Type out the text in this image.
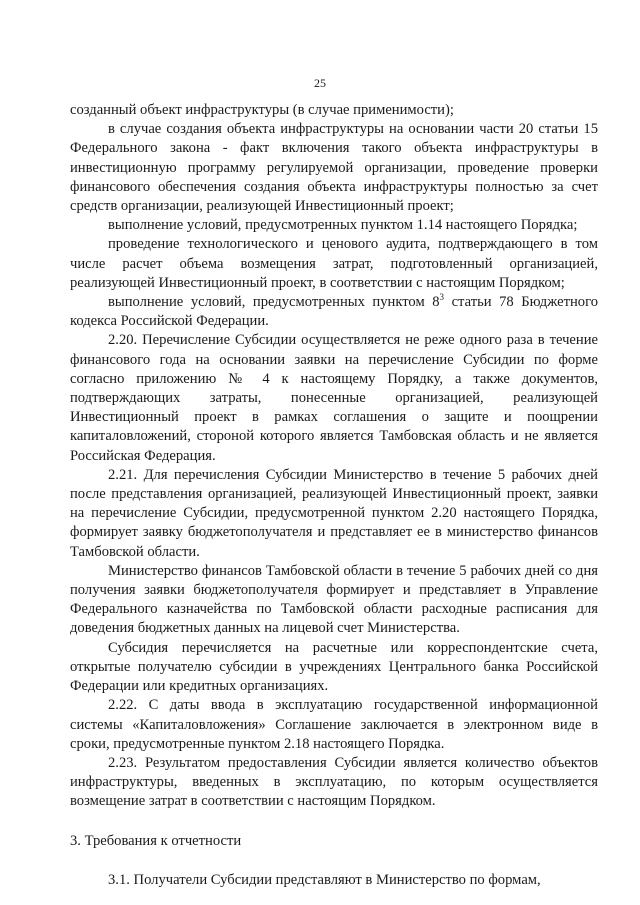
25

созданный объект инфраструктуры (в случае применимости);

в случае создания объекта инфраструктуры на основании части 20 статьи 15 Федерального закона - факт включения такого объекта инфраструктуры в инвестиционную программу регулируемой организации, проведение проверки финансового обеспечения создания объекта инфраструктуры полностью за счет средств организации, реализующей Инвестиционный проект;

выполнение условий, предусмотренных пунктом 1.14 настоящего Порядка;

проведение технологического и ценового аудита, подтверждающего в том числе расчет объема возмещения затрат, подготовленный организацией, реализующей Инвестиционный проект, в соответствии с настоящим Порядком;

выполнение условий, предусмотренных пунктом $8^3$ статьи 78 Бюджетного кодекса Российской Федерации.

2.20. Перечисление Субсидии осуществляется не реже одного раза в течение финансового года на основании заявки на перечисление Субсидии по форме согласно приложению № 4 к настоящему Порядку, а также документов, подтверждающих затраты, понесенные организацией, реализующей Инвестиционный проект в рамках соглашения о защите и поощрении капиталовложений, стороной которого является Тамбовская область и не является Российская Федерация.

2.21. Для перечисления Субсидии Министерство в течение 5 рабочих дней после представления организацией, реализующей Инвестиционный проект, заявки на перечисление Субсидии, предусмотренной пунктом 2.20 настоящего Порядка, формирует заявку бюджетополучателя и представляет ее в министерство финансов Тамбовской области.

Министерство финансов Тамбовской области в течение 5 рабочих дней со дня получения заявки бюджетополучателя формирует и представляет в Управление Федерального казначейства по Тамбовской области расходные расписания для доведения бюджетных данных на лицевой счет Министерства.

Субсидия перечисляется на расчетные или корреспондентские счета, открытые получателю субсидии в учреждениях Центрального банка Российской Федерации или кредитных организациях.

2.22. С даты ввода в эксплуатацию государственной информационной системы «Капиталовложения» Соглашение заключается в электронном виде в сроки, предусмотренные пунктом 2.18 настоящего Порядка.

2.23. Результатом предоставления Субсидии является количество объектов инфраструктуры, введенных в эксплуатацию, по которым осуществляется возмещение затрат в соответствии с настоящим Порядком.

3. Требования к отчетности

3.1. Получатели Субсидии представляют в Министерство по формам,
